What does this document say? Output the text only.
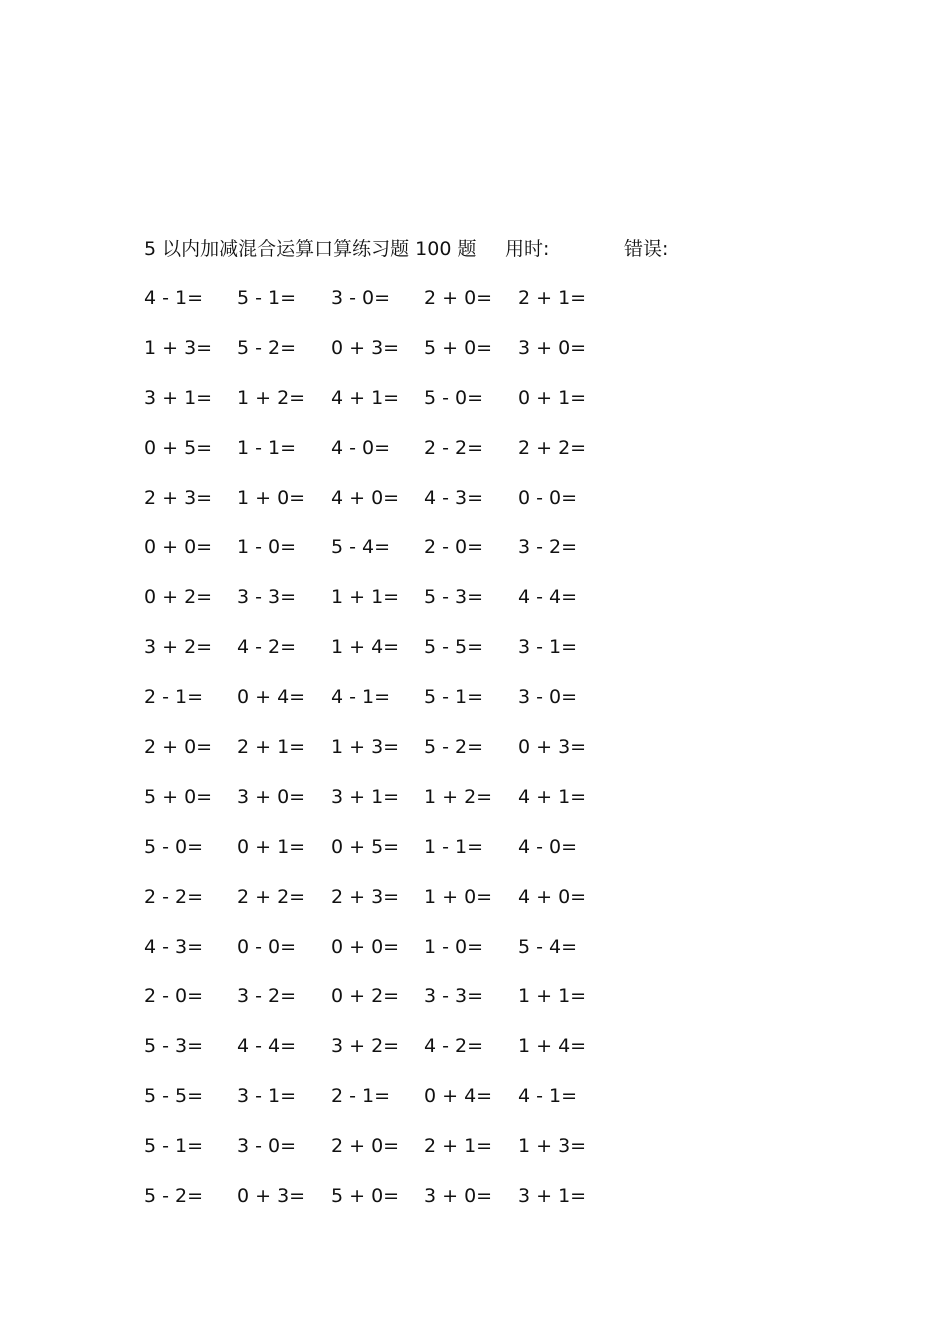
5 以内加减混合运算口算练习题 100 题 用时:	错误:
4 - 1= 5 - 1= 3 - 0= 2 + 0= 2 + 1=
1 + 3= 5 - 2= 0 + 3= 5 + 0= 3 + 0=
3 + 1= 1 + 2= 4 + 1= 5 - 0= 0 + 1=
0 + 5= 1 - 1= 4 - 0= 2 - 2= 2 + 2=
2 + 3= 1 + 0= 4 + 0= 4 - 3= 0 - 0=
0 + 0= 1 - 0= 5 - 4= 2 - 0= 3 - 2=
0 + 2= 3 - 3= 1 + 1= 5 - 3= 4 - 4=
3 + 2= 4 - 2= 1 + 4= 5 - 5= 3 - 1=
2 - 1= 0 + 4= 4 - 1= 5 - 1= 3 - 0=
2 + 0= 2 + 1= 1 + 3= 5 - 2= 0 + 3=
5 + 0= 3 + 0= 3 + 1= 1 + 2= 4 + 1=
5 - 0= 0 + 1= 0 + 5= 1 - 1= 4 - 0=
2 - 2= 2 + 2= 2 + 3= 1 + 0= 4 + 0=
4 - 3= 0 - 0= 0 + 0= 1 - 0= 5 - 4=
2 - 0= 3 - 2= 0 + 2= 3 - 3= 1 + 1=
5 - 3= 4 - 4= 3 + 2= 4 - 2= 1 + 4=
5 - 5= 3 - 1= 2 - 1= 0 + 4= 4 - 1=
5 - 1= 3 - 0= 2 + 0= 2 + 1= 1 + 3=
5 - 2= 0 + 3= 5 + 0= 3 + 0= 3 + 1=
